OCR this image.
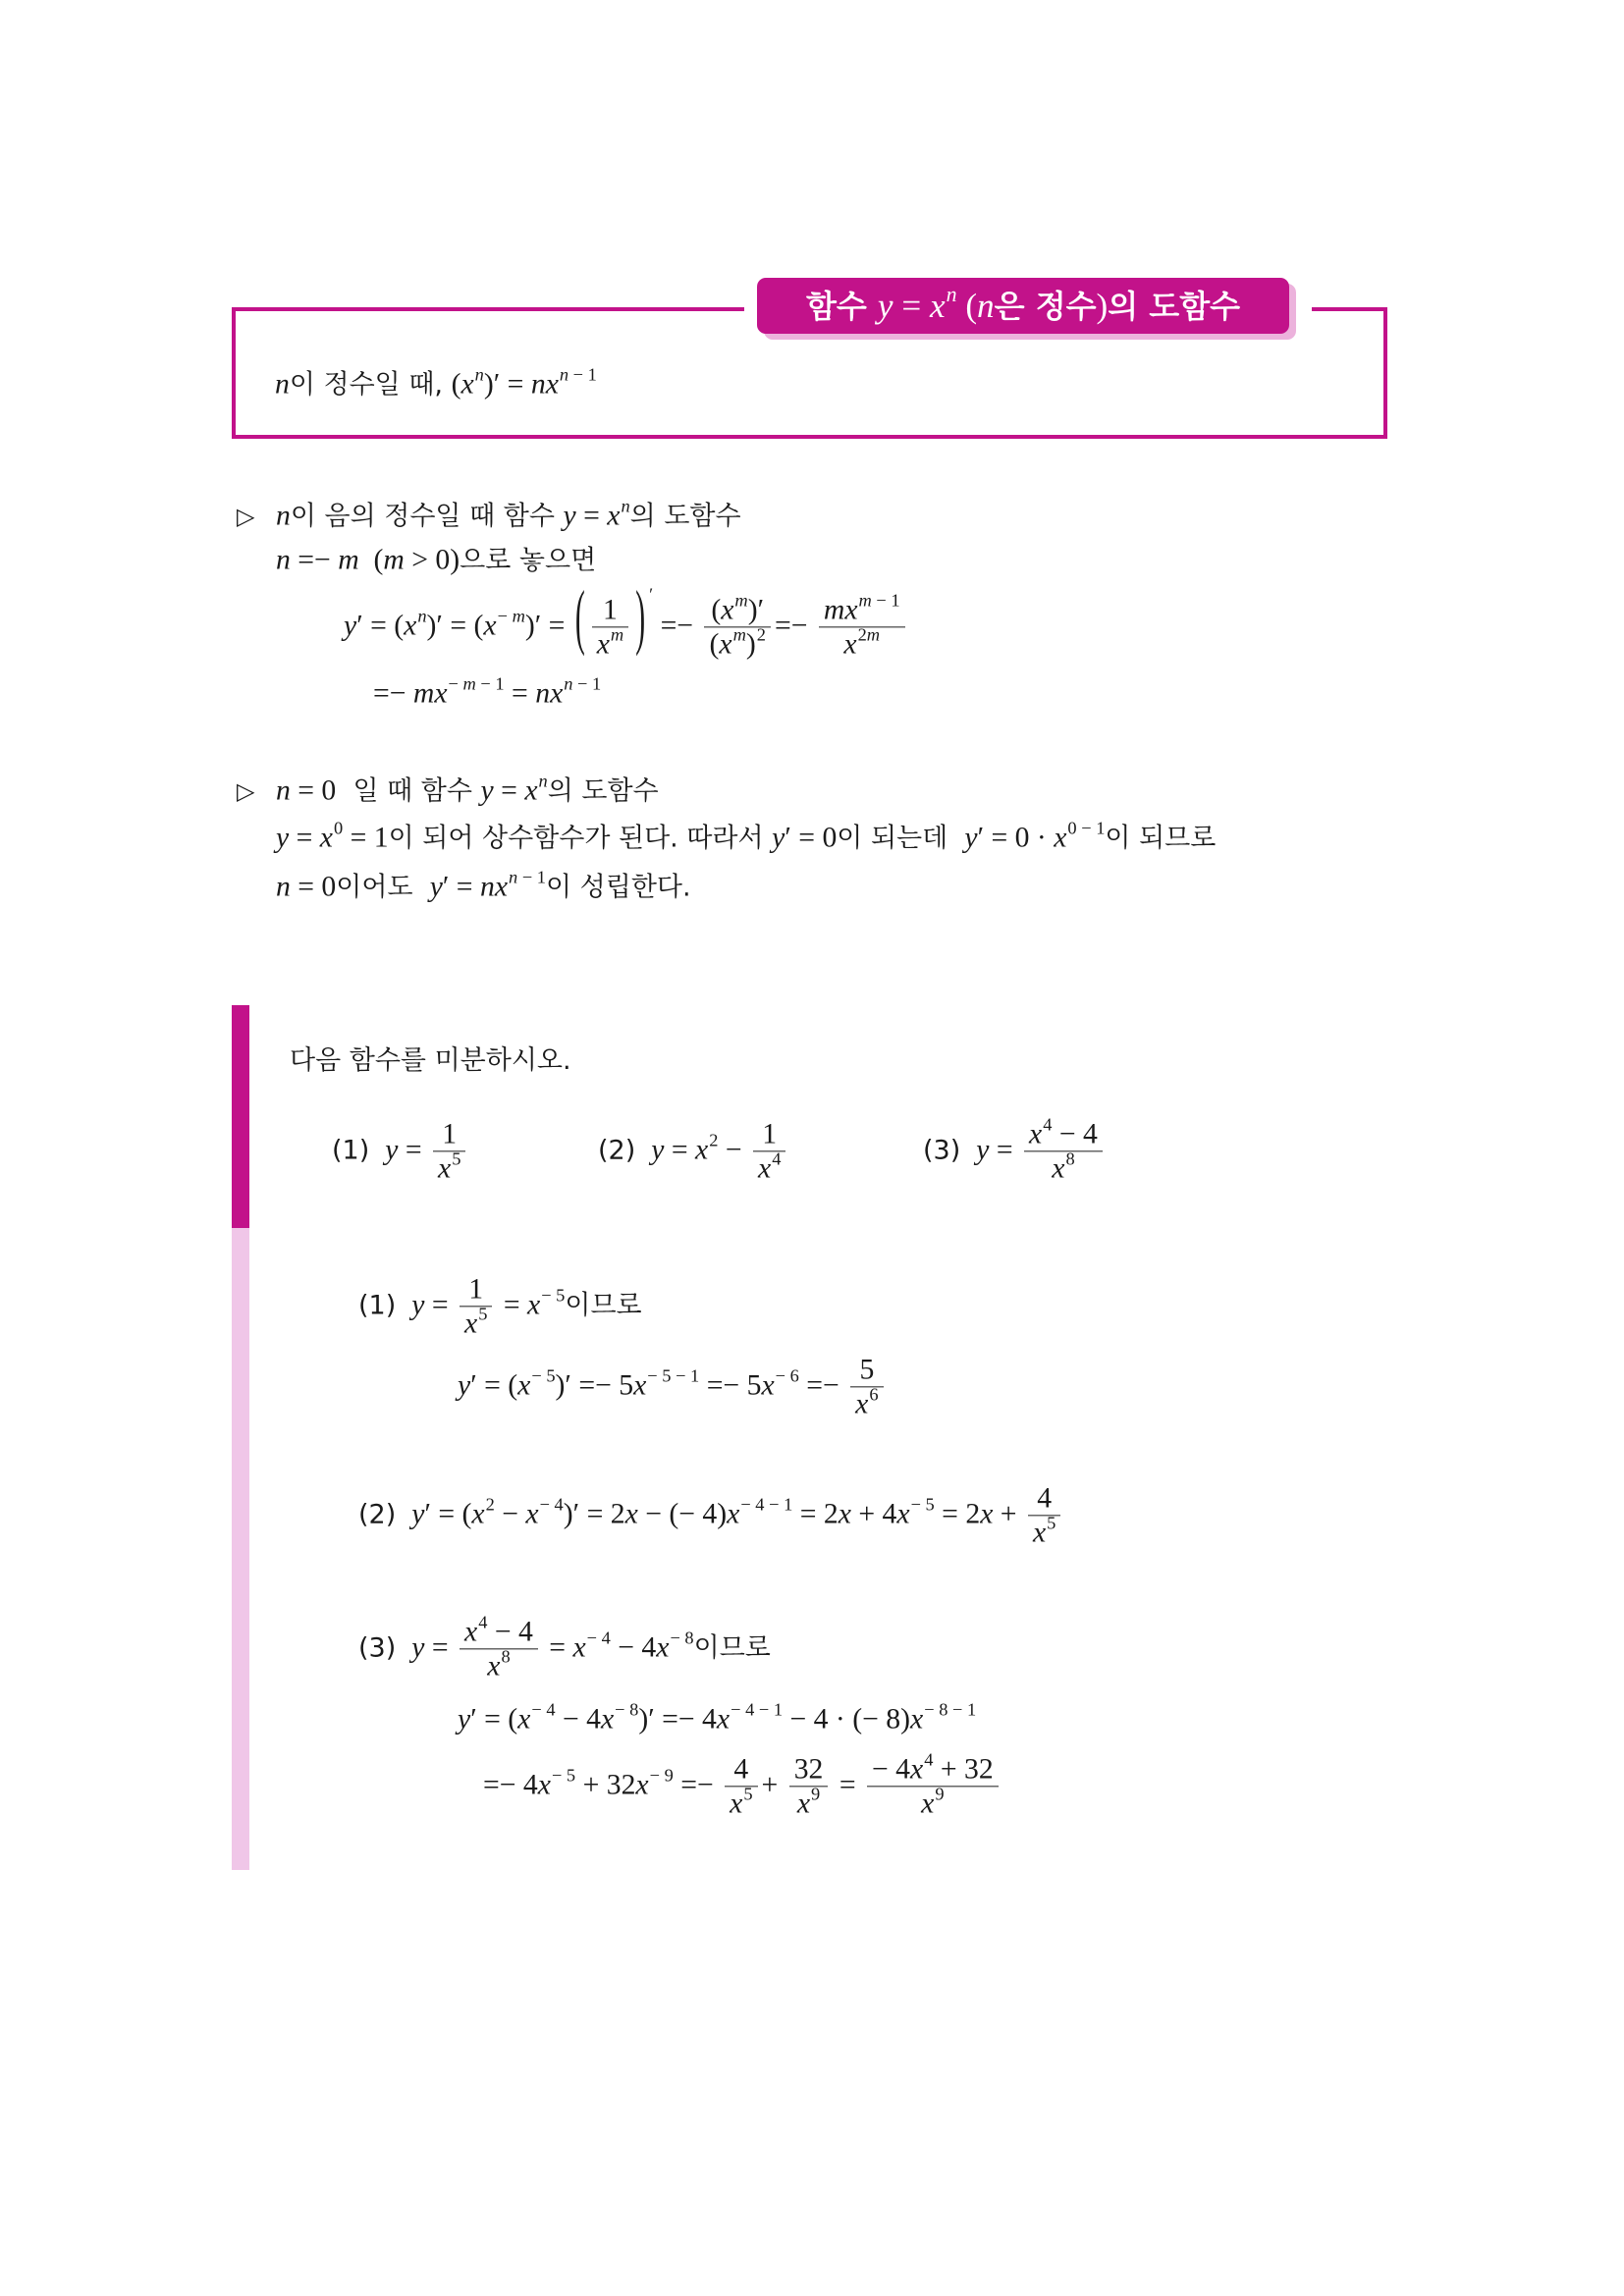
함수 $y = x^n$ (n은 정수)의 도함수
n이 정수일 때, $(x^n)' = nx^{n - 1}$
▷ n이 음의 정수일 때 함수 $y = x^n$의 도함수
n =− m  (m > 0)으로 놓으면
$y' = (x^n)' = (x^{- m})'$ = ( $\frac{1}{x^m}$ ) $' =- \frac{(x^m)'}{(x^m)^2} =- \frac{mx^{m - 1}}{x^{2m}}$
=− $mx^{- m - 1} = nx^{n - 1}$
▷ n = 0  일 때 함수 $y = x^n$의 도함수
$y = x^0 = 1$이 되어 상수함수가 된다. 따라서 y′ = 0이 되는데  $y' = 0 \cdot x^{0 - 1}$이 되므로
n = 0이어도  $y' = nx^{n - 1}$이 성립한다.
다음 함수를 미분하시오.
(1) $y = \frac{1}{x^5}$	(2) $y = x^2 - \frac{1}{x^4}$	(3) $y = \frac{x^4 - 4}{x^8}$
(1) $y = \frac{1}{x^5} = x^{- 5}$이므로
$y' = (x^{- 5})' =- 5x^{- 5 - 1} =- 5x^{- 6} =- \frac{5}{x^6}$
(2) $y' = (x^2 - x^{- 4})' = 2x$ − (− $4)x^{- 4 - 1} = 2x + 4x^{- 5} = 2x + \frac{4}{x^5}$
(3) $y = \frac{x^4 - 4}{x^8} = x^{- 4} - 4x^{- 8}$이므로
$y' = (x^{- 4} - 4x^{- 8})' =- 4x^{- 4 - 1} - 4$ · (− $8)x^{- 8 - 1}$
=− $4x^{- 5} + 32x^{- 9} =- \frac{4}{x^5} + \frac{32}{x^9} = \frac{- 4x^4 + 32}{x^9}$
